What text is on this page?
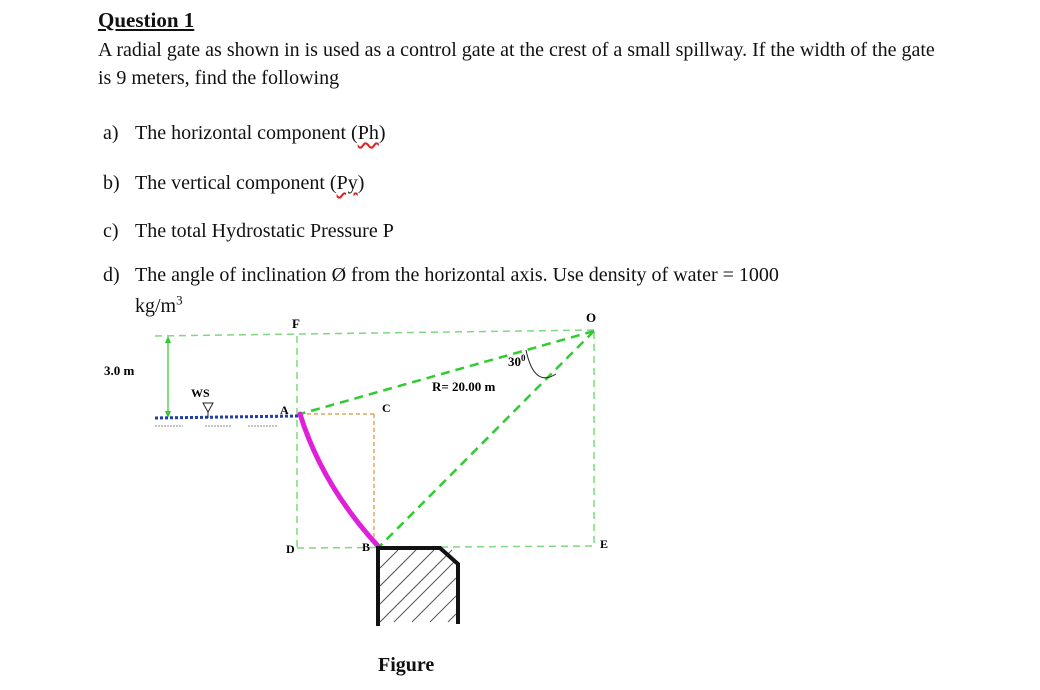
Question 1
A radial gate as shown in is used as a control gate at the crest of a small spillway. If the width of the gate is 9 meters, find the following
a) The horizontal component (Ph)
b) The vertical component (Py)
c) The total Hydrostatic Pressure P
d) The angle of inclination Ø from the horizontal axis. Use density of water = 1000
$kg/m^3$
F	O
A	C
D	B	E
WS
3.0 m
R= 20.00 m
$30^0$
Figure
